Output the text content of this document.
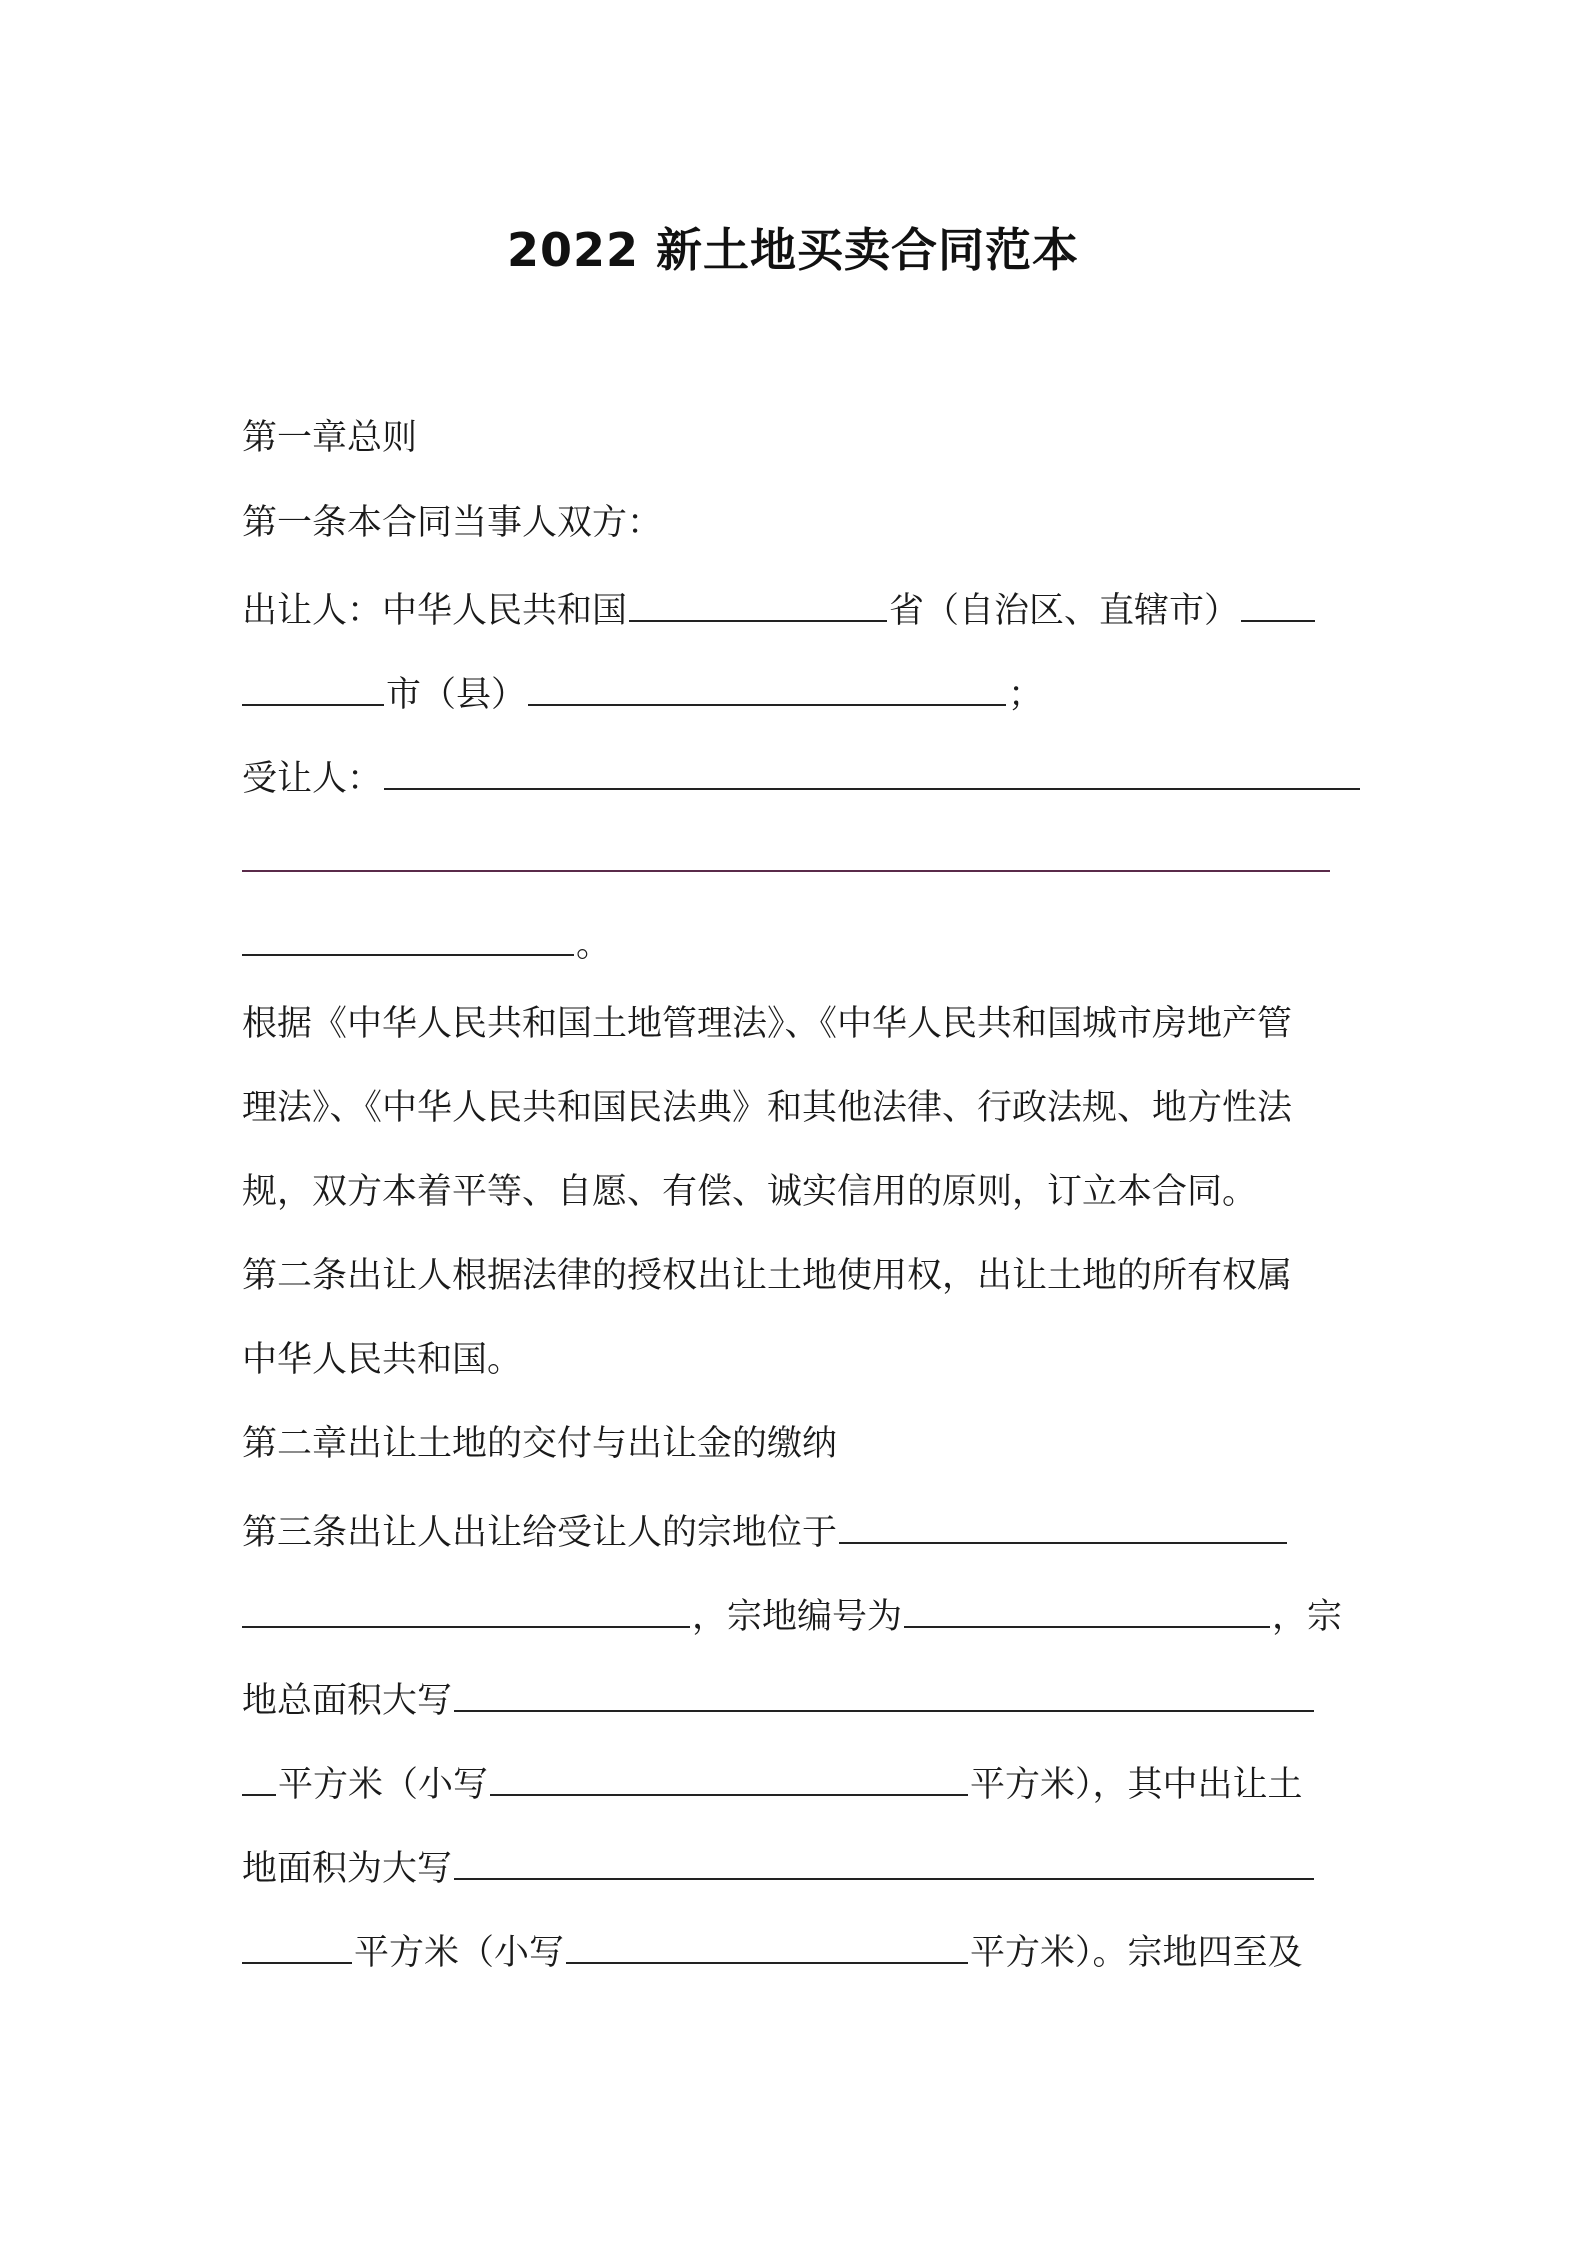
2022 新土地买卖合同范本
第一章总则
第一条本合同当事人双方：
出让人：中华人民共和国	省（自治区、直辖市）
市（县）	；
受让人：
。
根据《中华人民共和国土地管理法》、《中华人民共和国城市房地产管
理法》、《中华人民共和国民法典》和其他法律、行政法规、地方性法
规，双方本着平等、自愿、有偿、诚实信用的原则，订立本合同。
第二条出让人根据法律的授权出让土地使用权，出让土地的所有权属
中华人民共和国。
第二章出让土地的交付与出让金的缴纳
第三条出让人出让给受让人的宗地位于
，宗地编号为	，宗
地总面积大写
平方米（小写	平方米），其中出让土
地面积为大写
平方米（小写	平方米）。宗地四至及
